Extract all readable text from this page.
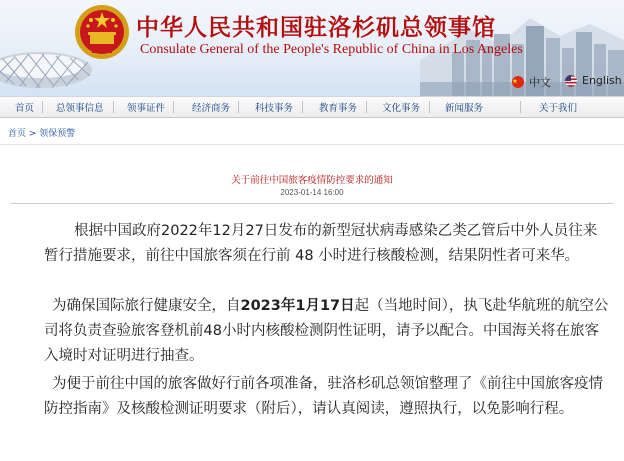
中华人民共和国驻洛杉矶总领事馆
Consulate General of the People's Republic of China in Los Angeles
中文	English
首页 总领事信息 领事证件	经济商务	科技事务	教育事务	文化事务	新闻服务	关于我们
首页 > 领保预警
关于前往中国旅客疫情防控要求的通知
2023-01-14 16:00
根据中国政府2022年12月27日发布的新型冠状病毒感染乙类乙管后中外人员往来暂行措施要求，前往中国旅客须在行前 48 小时进行核酸检测，结果阴性者可来华。
为确保国际旅行健康安全，自2023年1月17日起（当地时间），执飞赴华航班的航空公司将负责查验旅客登机前48小时内核酸检测阴性证明，请予以配合。中国海关将在旅客入境时对证明进行抽查。
为便于前往中国的旅客做好行前各项准备，驻洛杉矶总领馆整理了《前往中国旅客疫情防控指南》及核酸检测证明要求（附后），请认真阅读，遵照执行，以免影响行程。
